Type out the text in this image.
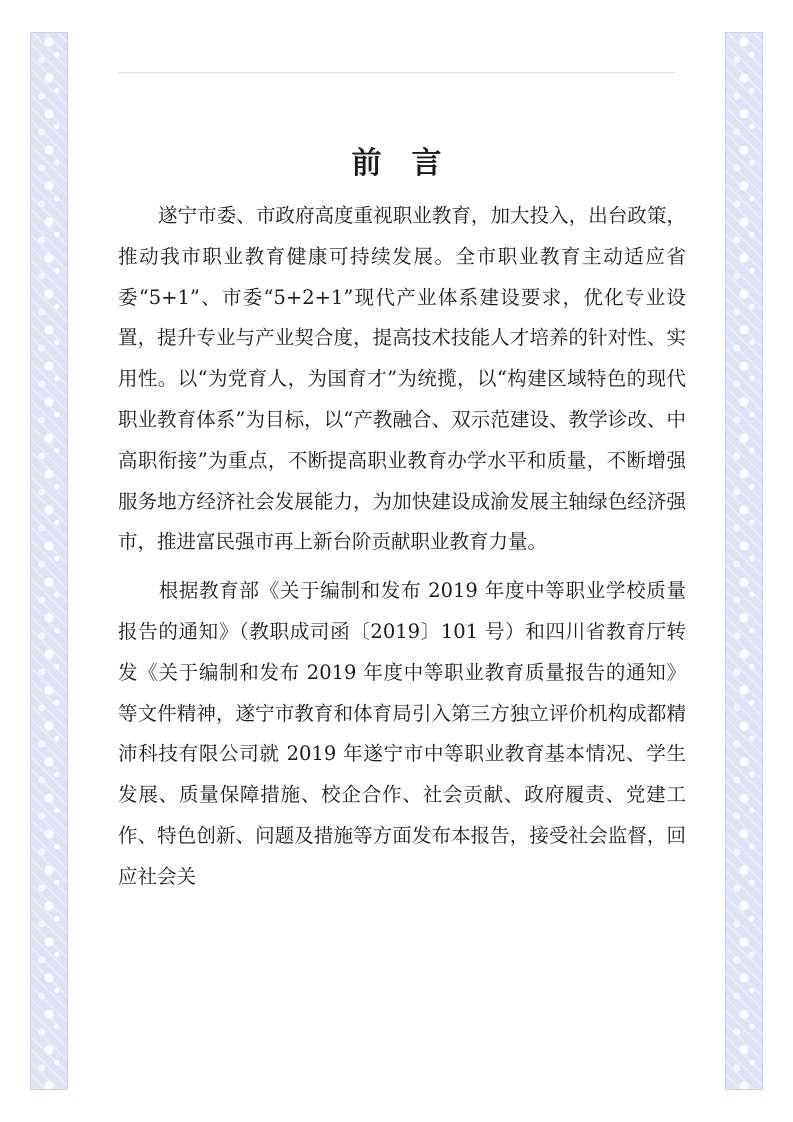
前言

遂宁市委、市政府高度重视职业教育，加大投入，出台政策，推动我市职业教育健康可持续发展。全市职业教育主动适应省委“5+1”、市委“5+2+1”现代产业体系建设要求，优化专业设置，提升专业与产业契合度，提高技术技能人才培养的针对性、实用性。以“为党育人，为国育才”为统揽，以“构建区域特色的现代职业教育体系”为目标，以“产教融合、双示范建设、教学诊改、中高职衔接”为重点，不断提高职业教育办学水平和质量，不断增强服务地方经济社会发展能力，为加快建设成渝发展主轴绿色经济强市，推进富民强市再上新台阶贡献职业教育力量。

根据教育部《关于编制和发布 2019 年度中等职业学校质量报告的通知》（教职成司函〔2019〕101 号）和四川省教育厅转发《关于编制和发布 2019 年度中等职业教育质量报告的通知》等文件精神，遂宁市教育和体育局引入第三方独立评价机构成都精沛科技有限公司就 2019 年遂宁市中等职业教育基本情况、学生发展、质量保障措施、校企合作、社会贡献、政府履责、党建工作、特色创新、问题及措施等方面发布本报告，接受社会监督，回应社会关
